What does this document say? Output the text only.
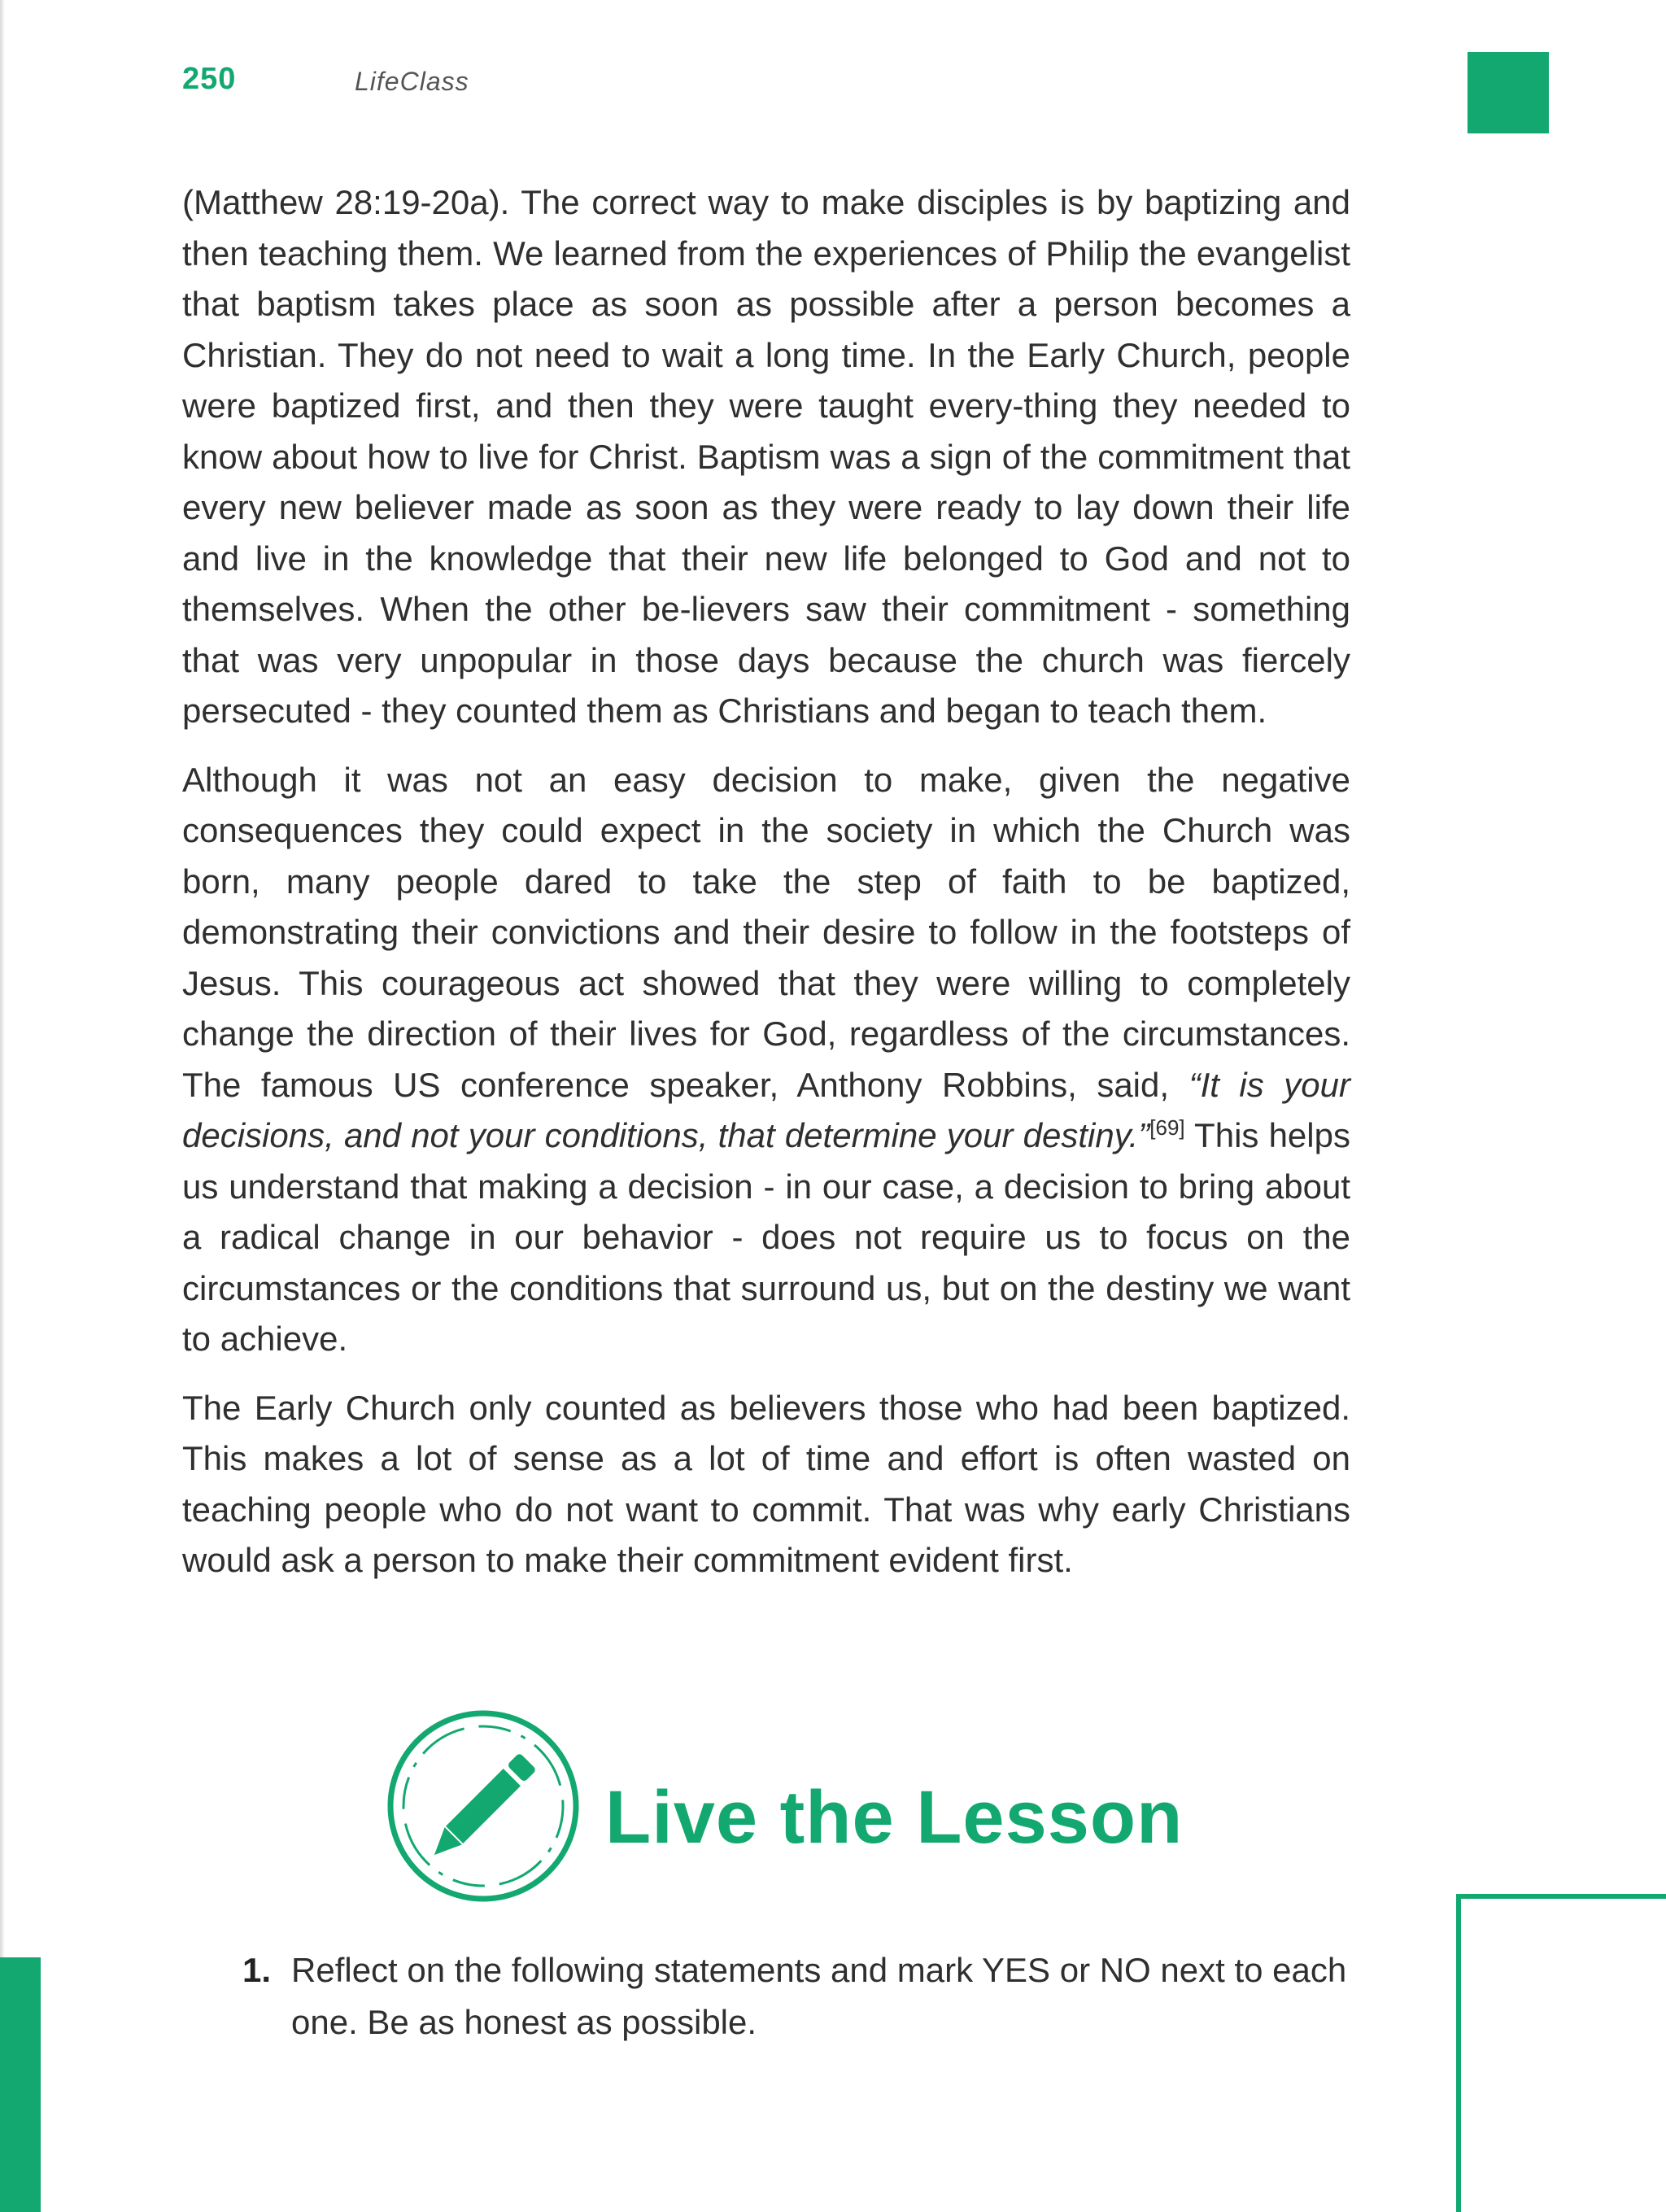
250	LifeClass

(Matthew 28:19-20a). The correct way to make disciples is by baptizing and then teaching them. We learned from the experiences of Philip the evangelist that baptism takes place as soon as possible after a person becomes a Christian. They do not need to wait a long time. In the Early Church, people were baptized first, and then they were taught every-thing they needed to know about how to live for Christ. Baptism was a sign of the commitment that every new believer made as soon as they were ready to lay down their life and live in the knowledge that their new life belonged to God and not to themselves. When the other be-lievers saw their commitment - something that was very unpopular in those days because the church was fiercely persecuted - they counted them as Christians and began to teach them.

Although it was not an easy decision to make, given the negative consequences they could expect in the society in which the Church was born, many people dared to take the step of faith to be baptized, demonstrating their convictions and their desire to follow in the footsteps of Jesus. This courageous act showed that they were willing to completely change the direction of their lives for God, regardless of the circumstances. The famous US conference speaker, Anthony Robbins, said, “It is your decisions, and not your conditions, that determine your destiny.”[69] This helps us understand that making a decision - in our case, a decision to bring about a radical change in our behavior - does not require us to focus on the circumstances or the conditions that surround us, but on the destiny we want to achieve.

The Early Church only counted as believers those who had been baptized. This makes a lot of sense as a lot of time and effort is often wasted on teaching people who do not want to commit. That was why early Christians would ask a person to make their commitment evident first.

Live the Lesson
1. Reflect on the following statements and mark YES or NO next to each one. Be as honest as possible.
